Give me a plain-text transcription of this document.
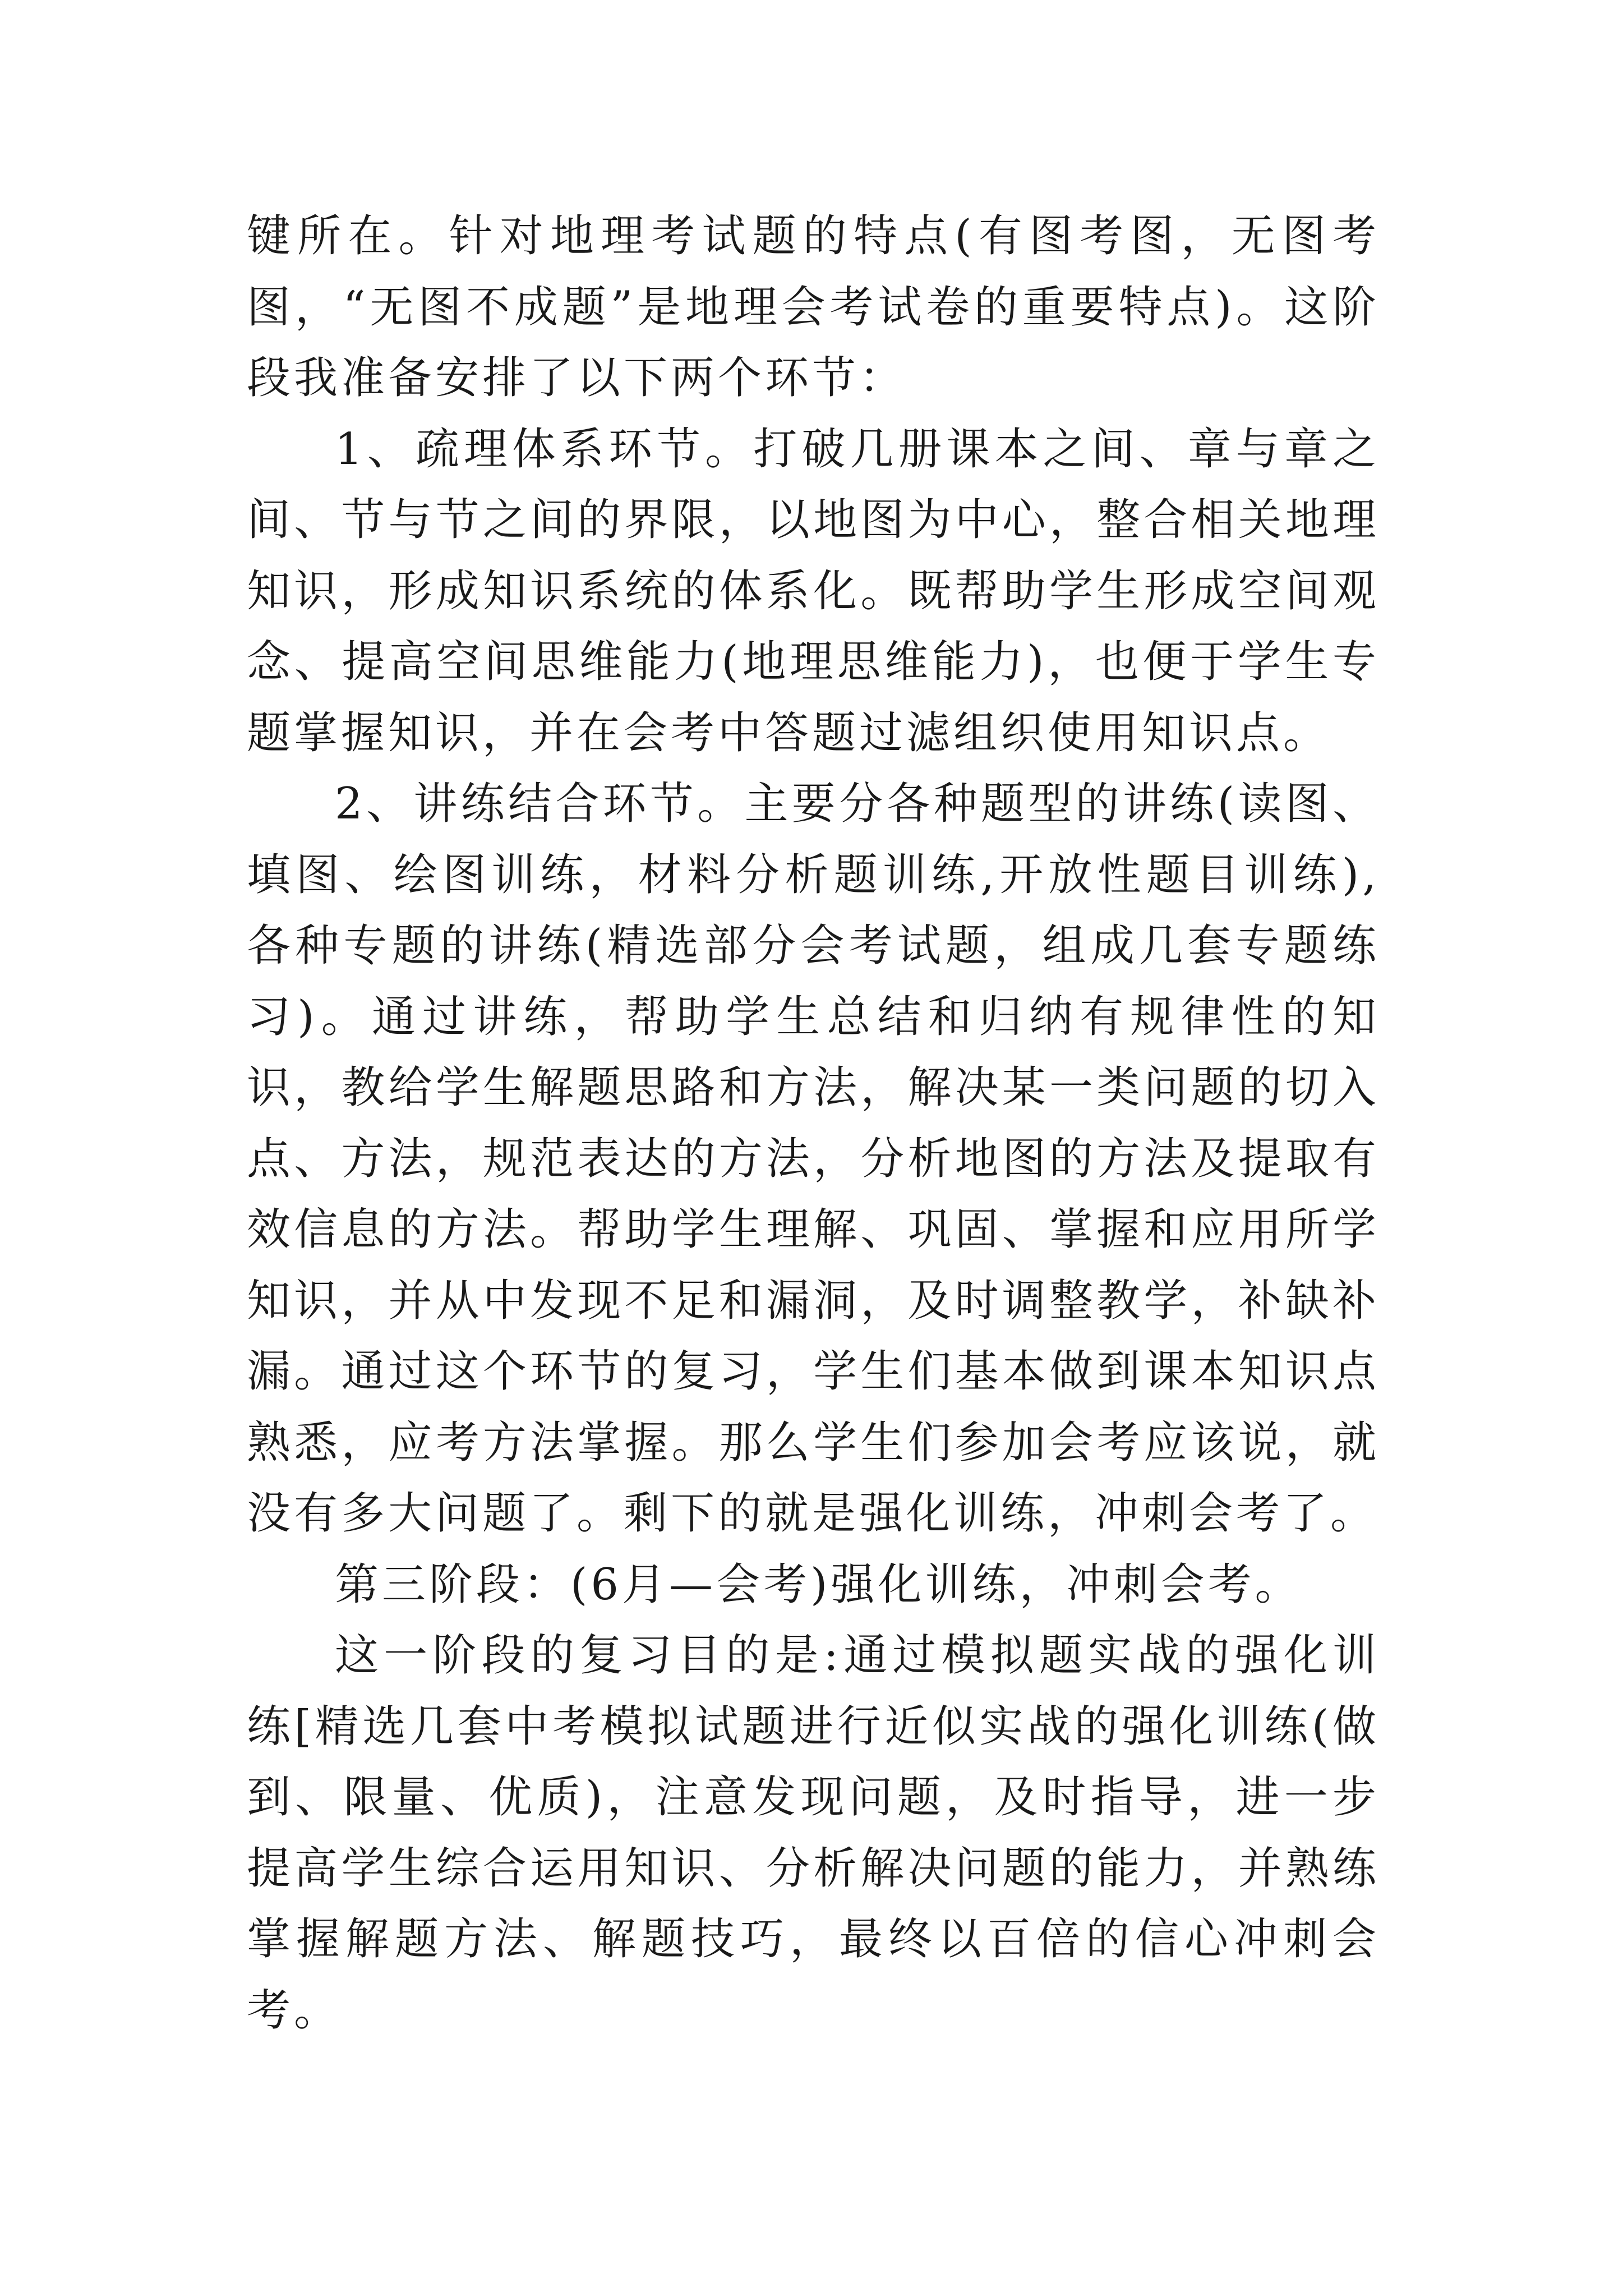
键所在。针对地理考试题的特点(有图考图，无图考图，“无图不成题”是地理会考试卷的重要特点)。这阶段我准备安排了以下两个环节：

1、疏理体系环节。打破几册课本之间、章与章之间、节与节之间的界限，以地图为中心，整合相关地理知识，形成知识系统的体系化。既帮助学生形成空间观念、提高空间思维能力(地理思维能力)，也便于学生专题掌握知识，并在会考中答题过滤组织使用知识点。

2、讲练结合环节。主要分各种题型的讲练(读图、填图、绘图训练，材料分析题训练,开放性题目训练),各种专题的讲练(精选部分会考试题，组成几套专题练习)。通过讲练，帮助学生总结和归纳有规律性的知识，教给学生解题思路和方法，解决某一类问题的切入点、方法，规范表达的方法，分析地图的方法及提取有效信息的方法。帮助学生理解、巩固、掌握和应用所学知识，并从中发现不足和漏洞，及时调整教学，补缺补漏。通过这个环节的复习，学生们基本做到课本知识点熟悉，应考方法掌握。那么学生们参加会考应该说，就没有多大问题了。剩下的就是强化训练，冲刺会考了。

第三阶段：(6月—会考)强化训练，冲刺会考。

这一阶段的复习目的是:通过模拟题实战的强化训练[精选几套中考模拟试题进行近似实战的强化训练(做到、限量、优质)，注意发现问题，及时指导，进一步提高学生综合运用知识、分析解决问题的能力，并熟练掌握解题方法、解题技巧，最终以百倍的信心冲刺会考。
